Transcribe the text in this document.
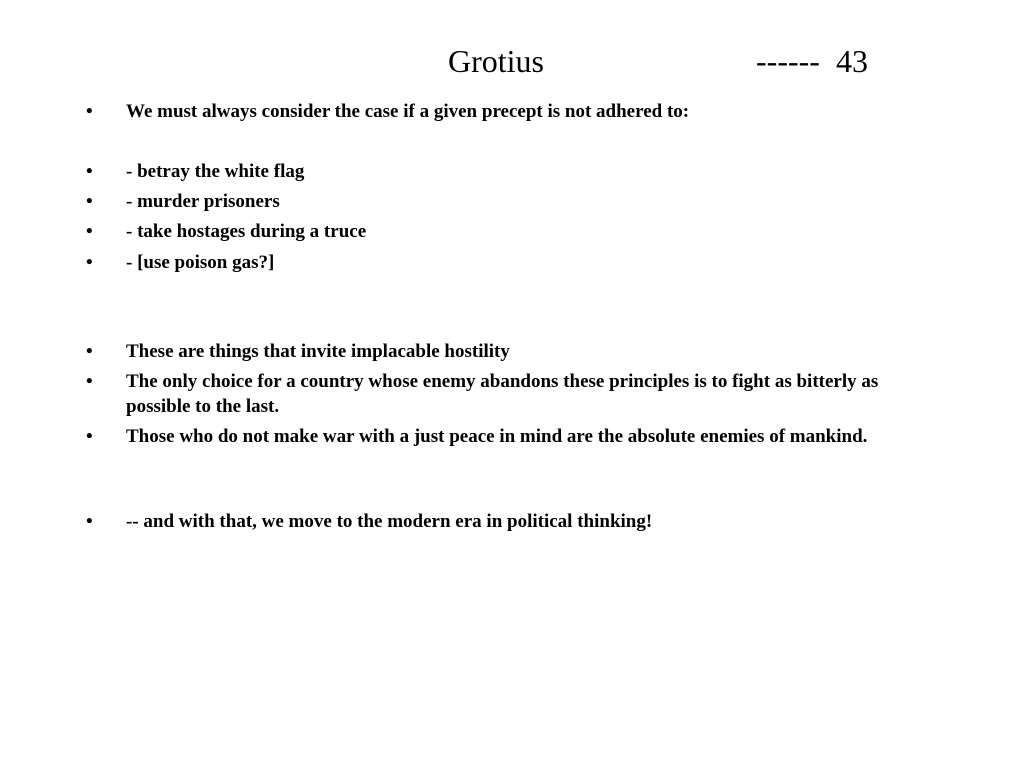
Grotius	------  43
•	We must always consider the case if a given precept is not adhered to:
•	- betray the white flag
•	- murder prisoners
•	- take hostages during a truce
•	- [use poison gas?]
•	These are things that invite implacable hostility
•	The only choice for a country whose enemy abandons these principles is to fight as bitterly as possible to the last.
•	Those who do not make war with a just peace in mind are the absolute enemies of mankind.
•	-- and with that, we move to the modern era in political thinking!
